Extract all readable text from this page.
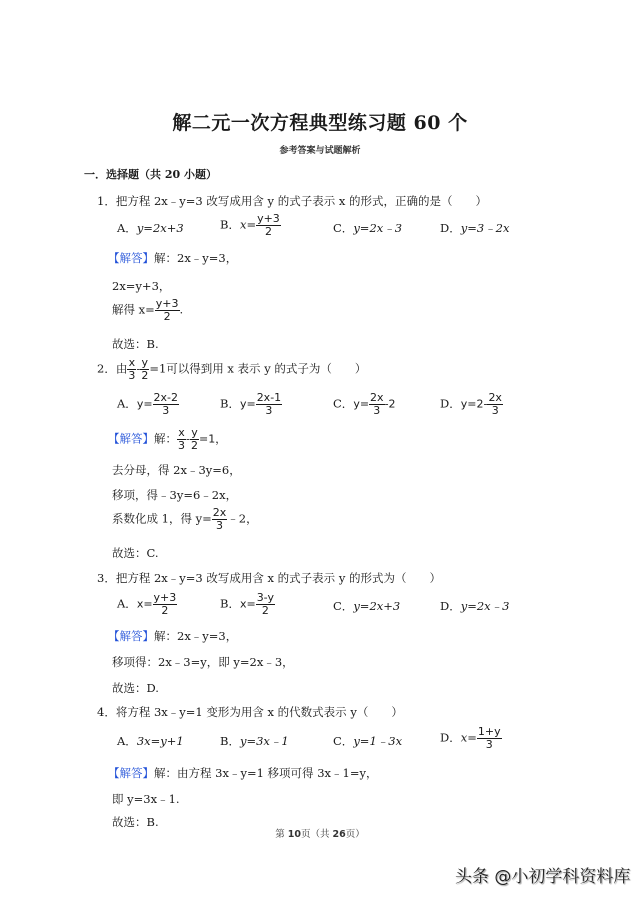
解二元一次方程典型练习题 60 个
参考答案与试题解析
一．选择题（共 20 小题）
1．把方程 2x﹣y=3 改写成用含 y 的式子表示 x 的形式，正确的是（　　）
A．y=2x+3	B．$x= \frac{y+3}{2}$	C．y=2x﹣3	D．y=3﹣2x
【解答】解：2x﹣y=3，
2x=y+3，
解得 $x= \frac{y+3}{2}$ .
故选：B.
2．由 $\frac{x}{3} - \frac{y}{2} =1$可以得到用 x 表示 y 的式子为（　　）
A．$y= \frac{2x-2}{3}$	B．$y= \frac{2x-1}{3}$	C．$y= \frac{2x}{3} -2$	D．$y=2- \frac{2x}{3}$
【解答】解： $\frac{x}{3} - \frac{y}{2} =1$，
去分母，得 2x﹣3y=6，
移项，得﹣3y=6﹣2x，
系数化成 1，得 $y= \frac{2x}{3}$ ﹣2，
故选：C.
3．把方程 2x﹣y=3 改写成用含 x 的式子表示 y 的形式为（　　）
A．$x= \frac{y+3}{2}$	B．$x= \frac{3-y}{2}$	C．y=2x+3	D．y=2x﹣3
【解答】解：2x﹣y=3，
移项得：2x﹣3=y，即 y=2x﹣3，
故选：D.
4．将方程 3x﹣y=1 变形为用含 x 的代数式表示 y（　　）
A．3x=y+1	B．y=3x﹣1	C．y=1﹣3x	D．$x= \frac{1+y}{3}$
【解答】解：由方程 3x﹣y=1 移项可得 3x﹣1=y，
即 y=3x﹣1.
故选：B.
第 10页（共 26页）
头条 @小初学科资料库
